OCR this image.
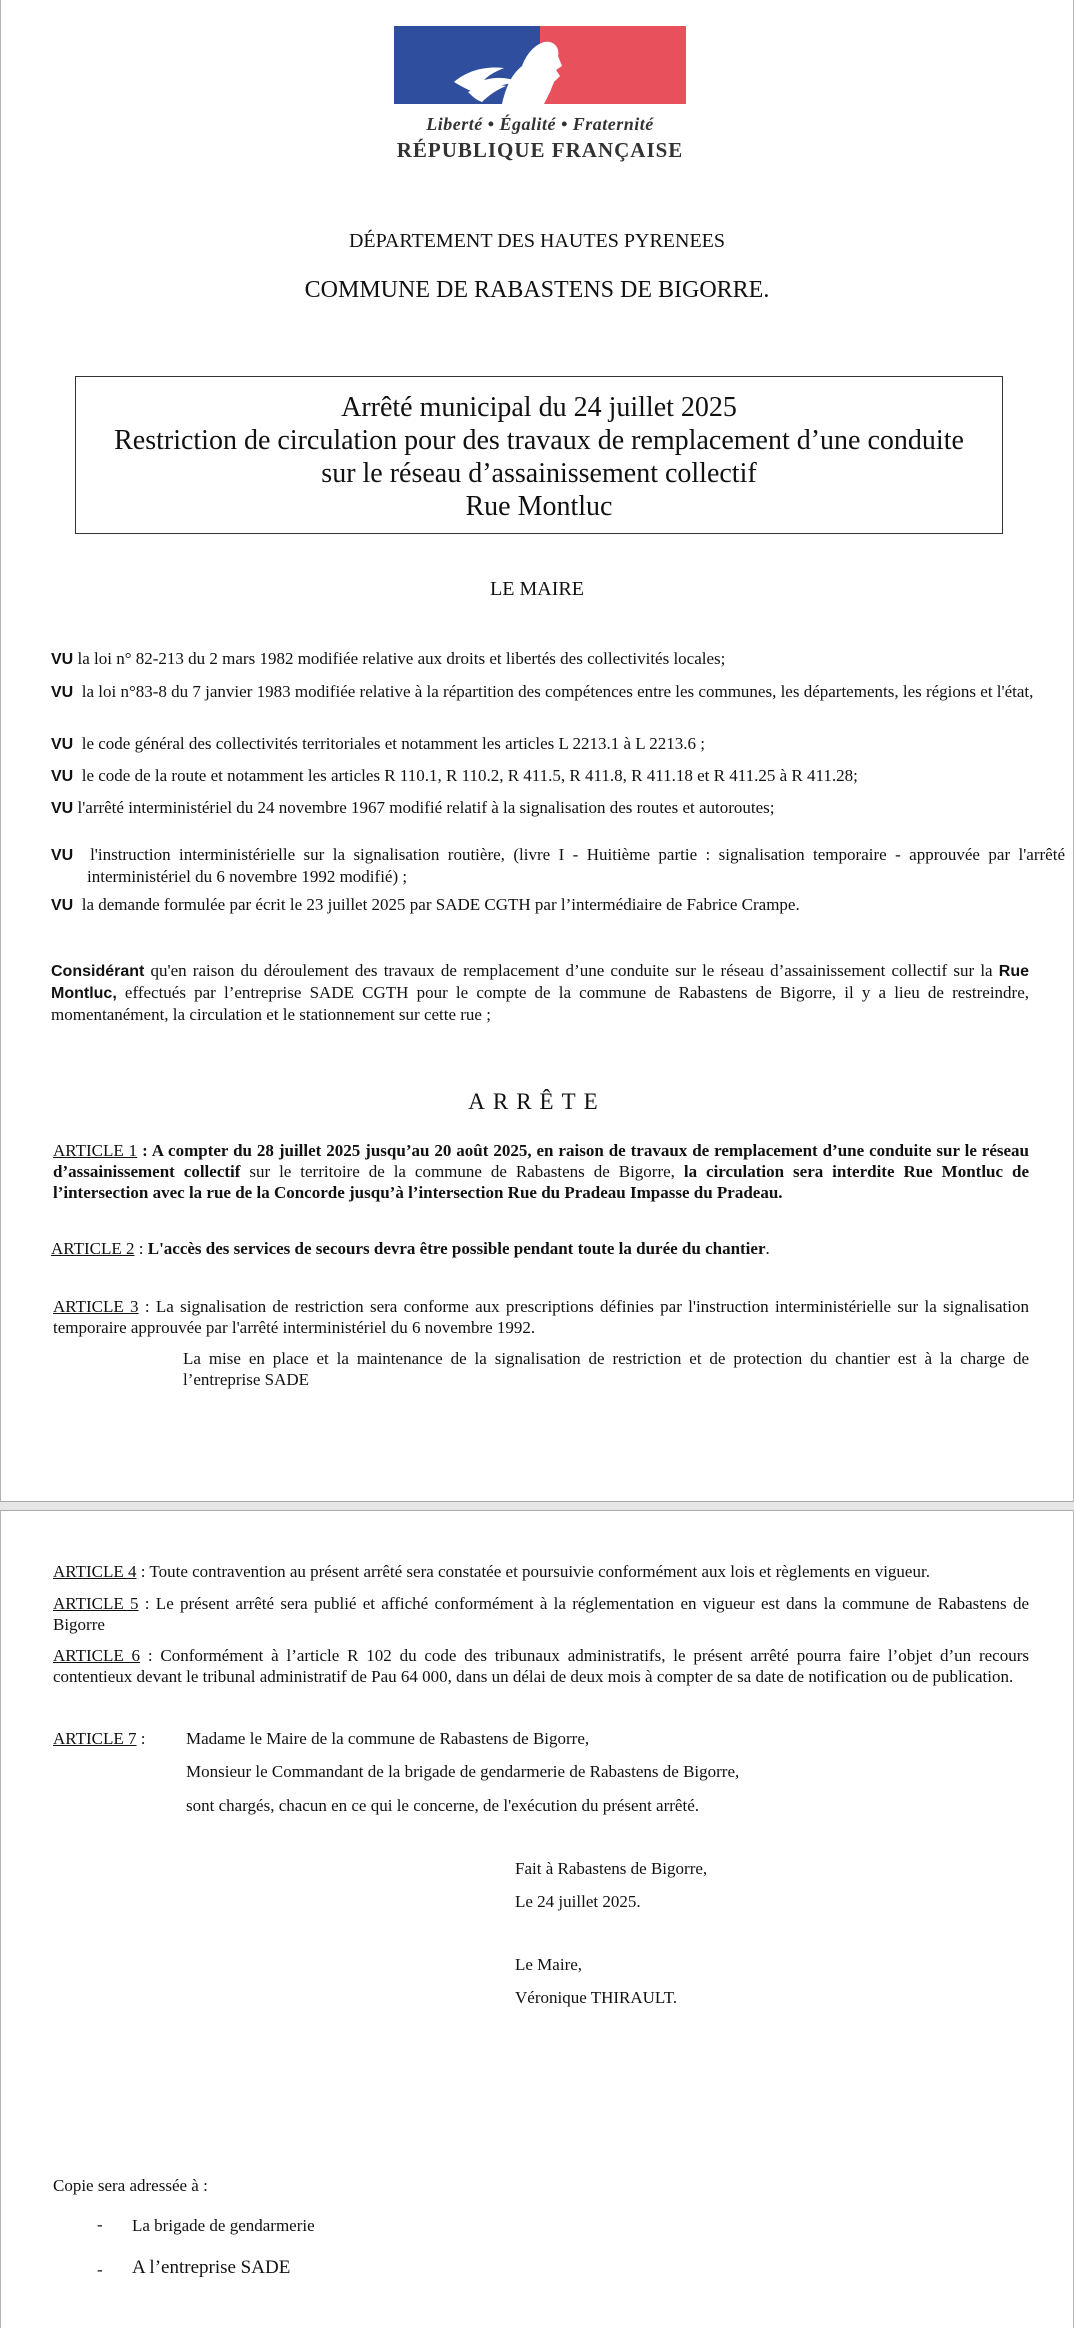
Liberté • Égalité • Fraternité
RÉPUBLIQUE FRANÇAISE
DÉPARTEMENT DES HAUTES PYRENEES
COMMUNE DE RABASTENS DE BIGORRE.
Arrêté municipal du 24 juillet 2025
Restriction de circulation pour des travaux de remplacement d’une conduite
sur le réseau d’assainissement collectif
Rue Montluc
LE MAIRE
VU la loi n° 82-213 du 2 mars 1982 modifiée relative aux droits et libertés des collectivités locales;
VU la loi n°83-8 du 7 janvier 1983 modifiée relative à la répartition des compétences entre les communes, les départements, les régions et l'état,
VU le code général des collectivités territoriales et notamment les articles L 2213.1 à L 2213.6 ;
VU le code de la route et notamment les articles R 110.1, R 110.2, R 411.5, R 411.8, R 411.18 et R 411.25 à R 411.28;
VU l'arrêté interministériel du 24 novembre 1967 modifié relatif à la signalisation des routes et autoroutes;
VU l'instruction interministérielle sur la signalisation routière, (livre I - Huitième partie : signalisation temporaire - approuvée par l'arrêté interministériel du 6 novembre 1992 modifié) ;
VU la demande formulée par écrit le 23 juillet 2025 par SADE CGTH par l’intermédiaire de Fabrice Crampe.
Considérant qu'en raison du déroulement des travaux de remplacement d’une conduite sur le réseau d’assainissement collectif sur la Rue Montluc, effectués par l’entreprise SADE CGTH pour le compte de la commune de Rabastens de Bigorre, il y a lieu de restreindre, momentanément, la circulation et le stationnement sur cette rue ;
ARRÊTE
ARTICLE 1 : A compter du 28 juillet 2025 jusqu’au 20 août 2025, en raison de travaux de remplacement d’une conduite sur le réseau d’assainissement collectif sur le territoire de la commune de Rabastens de Bigorre, la circulation sera interdite Rue Montluc de l’intersection avec la rue de la Concorde jusqu’à l’intersection Rue du Pradeau Impasse du Pradeau.
ARTICLE 2 : L'accès des services de secours devra être possible pendant toute la durée du chantier.
ARTICLE 3 : La signalisation de restriction sera conforme aux prescriptions définies par l'instruction interministérielle sur la signalisation temporaire approuvée par l'arrêté interministériel du 6 novembre 1992.
La mise en place et la maintenance de la signalisation de restriction et de protection du chantier est à la charge de l’entreprise SADE
ARTICLE 4 : Toute contravention au présent arrêté sera constatée et poursuivie conformément aux lois et règlements en vigueur.
ARTICLE 5 : Le présent arrêté sera publié et affiché conformément à la réglementation en vigueur est dans la commune de Rabastens de Bigorre
ARTICLE 6 : Conformément à l’article R 102 du code des tribunaux administratifs, le présent arrêté pourra faire l’objet d’un recours contentieux devant le tribunal administratif de Pau 64 000, dans un délai de deux mois à compter de sa date de notification ou de publication.
ARTICLE 7 :	Madame le Maire de la commune de Rabastens de Bigorre,
Monsieur le Commandant de la brigade de gendarmerie de Rabastens de Bigorre,
sont chargés, chacun en ce qui le concerne, de l'exécution du présent arrêté.
Fait à Rabastens de Bigorre,
Le 24 juillet 2025.
Le Maire,
Véronique THIRAULT.
Copie sera adressée à :
- La brigade de gendarmerie
- A l’entreprise SADE
